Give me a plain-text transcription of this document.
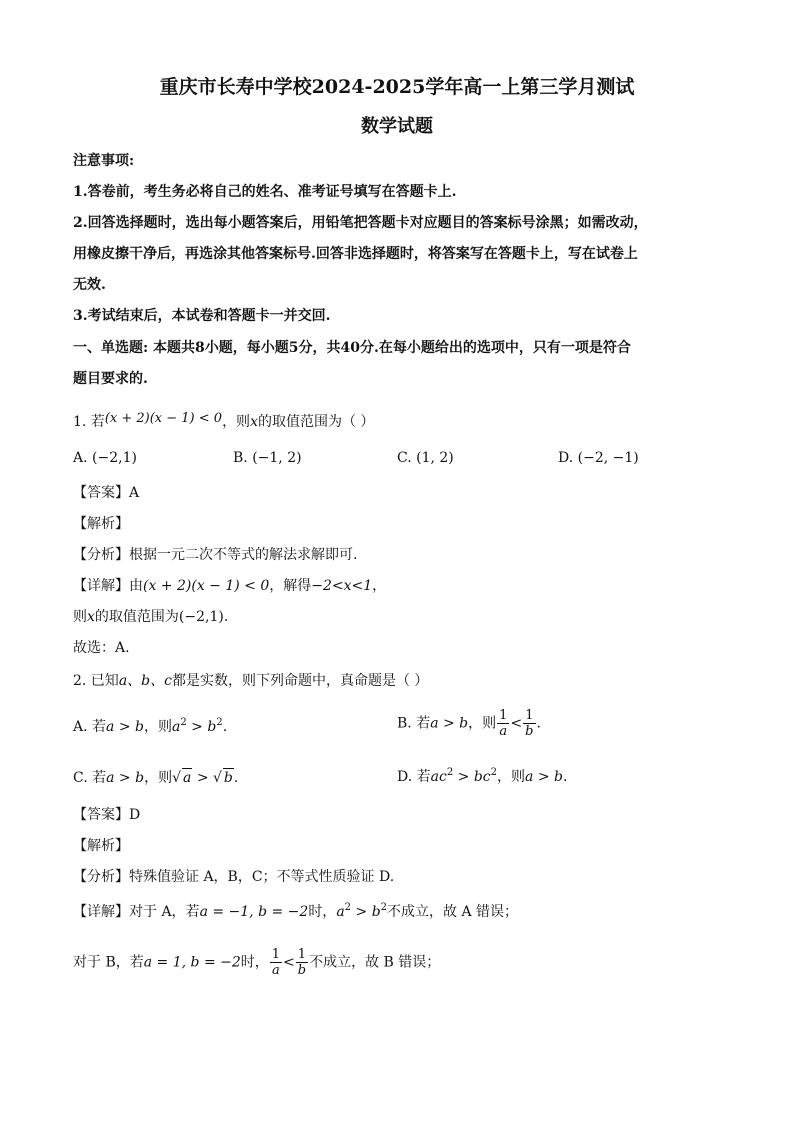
重庆市长寿中学校2024-2025学年高一上第三学月测试
数学试题
注意事项:
1.答卷前，考生务必将自己的姓名、准考证号填写在答题卡上.
2.回答选择题时，选出每小题答案后，用铅笔把答题卡对应题目的答案标号涂黑；如需改动，
用橡皮擦干净后，再选涂其他答案标号.回答非选择题时，将答案写在答题卡上，写在试卷上
无效.
3.考试结束后，本试卷和答题卡一并交回.
一、单选题: 本题共8小题，每小题5分，共40分.在每小题给出的选项中，只有一项是符合
题目要求的.
1. 若(x + 2)(x − 1) < 0，则x的取值范围为（ ）
A. (−2,1)	B. (−1, 2)	C. (1, 2)	D. (−2, −1)
【答案】A
【解析】
【分析】根据一元二次不等式的解法求解即可.
【详解】由(x + 2)(x − 1) < 0，解得−2<x<1，
则x的取值范围为(−2,1).
故选：A.
2. 已知a、b、c都是实数，则下列命题中，真命题是（ ）
A. 若a > b，则$a^2 > b^2$.	B. 若a > b，则 $\frac{1}{a} < \frac{1}{b}$ .
C. 若a > b，则√ a > √ b.	D. 若$ac^2 > bc^2$，则a > b.
【答案】D
【解析】
【分析】特殊值验证 A，B，C；不等式性质验证 D.
【详解】对于 A，若a = −1, b = −2时，$a^2 > b^2$不成立，故 A 错误；
对于 B，若a = 1, b = −2时， $\frac{1}{a} < \frac{1}{b}$ 不成立，故 B 错误；
